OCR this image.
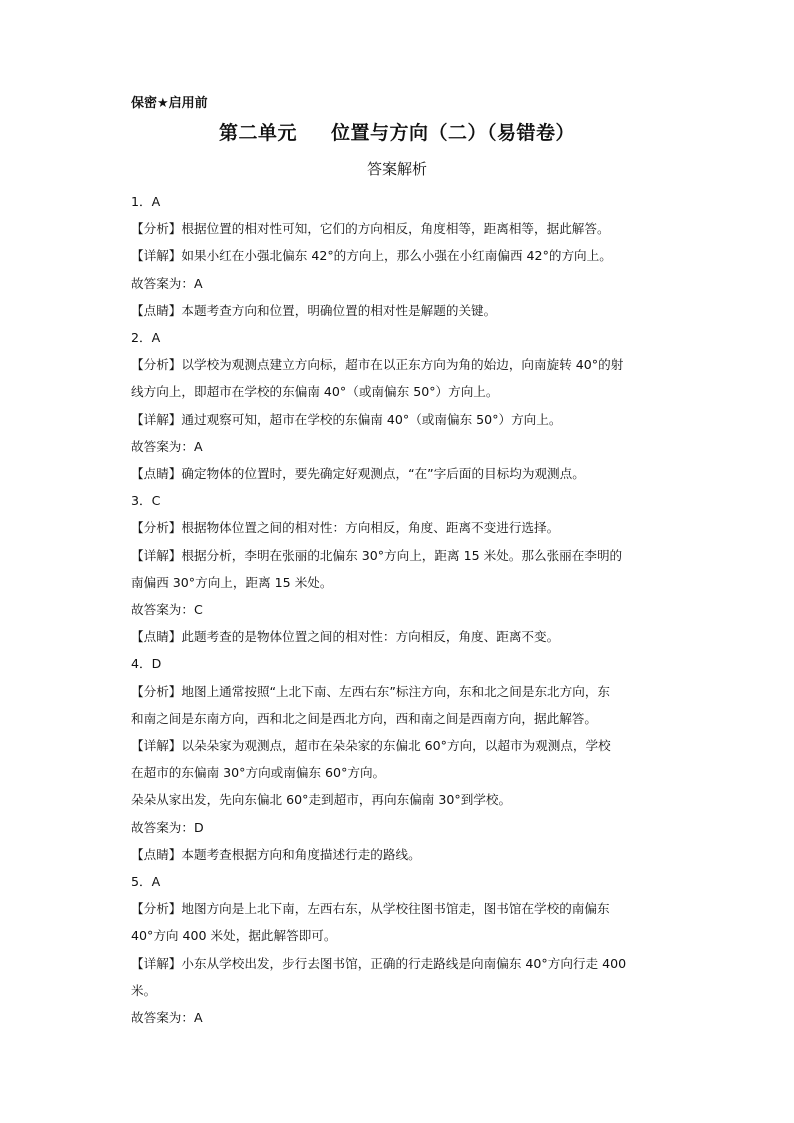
保密★启用前
第二单元 位置与方向（二）（易错卷）
答案解析
1．A
【分析】根据位置的相对性可知，它们的方向相反，角度相等，距离相等，据此解答。
【详解】如果小红在小强北偏东 42°的方向上，那么小强在小红南偏西 42°的方向上。
故答案为：A
【点睛】本题考查方向和位置，明确位置的相对性是解题的关键。
2．A
【分析】以学校为观测点建立方向标，超市在以正东方向为角的始边，向南旋转 40°的射
线方向上，即超市在学校的东偏南 40°（或南偏东 50°）方向上。
【详解】通过观察可知，超市在学校的东偏南 40°（或南偏东 50°）方向上。
故答案为：A
【点睛】确定物体的位置时，要先确定好观测点，“在”字后面的目标均为观测点。
3．C
【分析】根据物体位置之间的相对性：方向相反，角度、距离不变进行选择。
【详解】根据分析，李明在张丽的北偏东 30°方向上，距离 15 米处。那么张丽在李明的
南偏西 30°方向上，距离 15 米处。
故答案为：C
【点睛】此题考查的是物体位置之间的相对性：方向相反，角度、距离不变。
4．D
【分析】地图上通常按照“上北下南、左西右东”标注方向，东和北之间是东北方向，东
和南之间是东南方向，西和北之间是西北方向，西和南之间是西南方向，据此解答。
【详解】以朵朵家为观测点，超市在朵朵家的东偏北 60°方向，以超市为观测点，学校
在超市的东偏南 30°方向或南偏东 60°方向。
朵朵从家出发，先向东偏北 60°走到超市，再向东偏南 30°到学校。
故答案为：D
【点睛】本题考查根据方向和角度描述行走的路线。
5．A
【分析】地图方向是上北下南，左西右东，从学校往图书馆走，图书馆在学校的南偏东
40°方向 400 米处，据此解答即可。
【详解】小东从学校出发，步行去图书馆，正确的行走路线是向南偏东 40°方向行走 400
米。
故答案为：A
